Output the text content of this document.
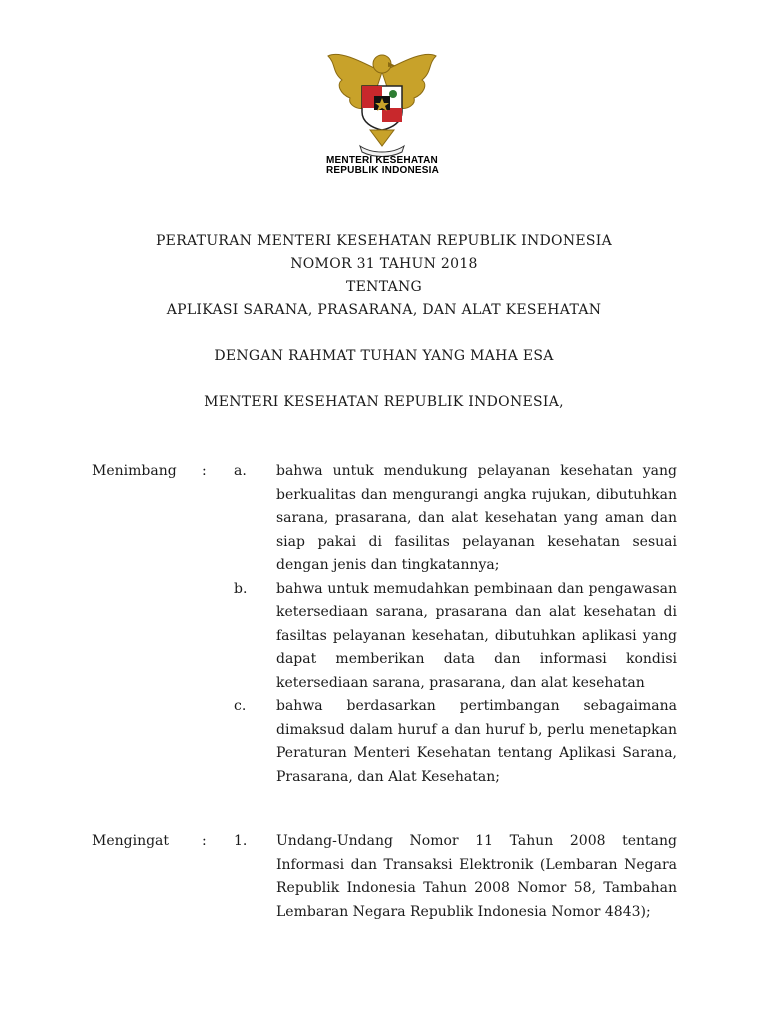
MENTERI KESEHATAN
REPUBLIK INDONESIA
PERATURAN MENTERI KESEHATAN REPUBLIK INDONESIA
NOMOR 31 TAHUN 2018
TENTANG
APLIKASI SARANA, PRASARANA, DAN ALAT KESEHATAN
DENGAN RAHMAT TUHAN YANG MAHA ESA
MENTERI KESEHATAN REPUBLIK INDONESIA,
Menimbang	:	a.	bahwa untuk mendukung pelayanan kesehatan yang berkualitas dan mengurangi angka rujukan, dibutuhkan sarana, prasarana, dan alat kesehatan yang aman dan siap pakai di fasilitas pelayanan kesehatan sesuai dengan jenis dan tingkatannya;
b.	bahwa untuk memudahkan pembinaan dan pengawasan ketersediaan sarana, prasarana dan alat kesehatan di fasiltas pelayanan kesehatan, dibutuhkan aplikasi yang dapat memberikan data dan informasi kondisi ketersediaan sarana, prasarana, dan alat kesehatan
c.	bahwa berdasarkan pertimbangan sebagaimana dimaksud dalam huruf a dan huruf b, perlu menetapkan Peraturan Menteri Kesehatan tentang Aplikasi Sarana, Prasarana, dan Alat Kesehatan;
Mengingat	:	1.	Undang-Undang Nomor 11 Tahun 2008 tentang Informasi dan Transaksi Elektronik (Lembaran Negara Republik Indonesia Tahun 2008 Nomor 58, Tambahan Lembaran Negara Republik Indonesia Nomor 4843);
